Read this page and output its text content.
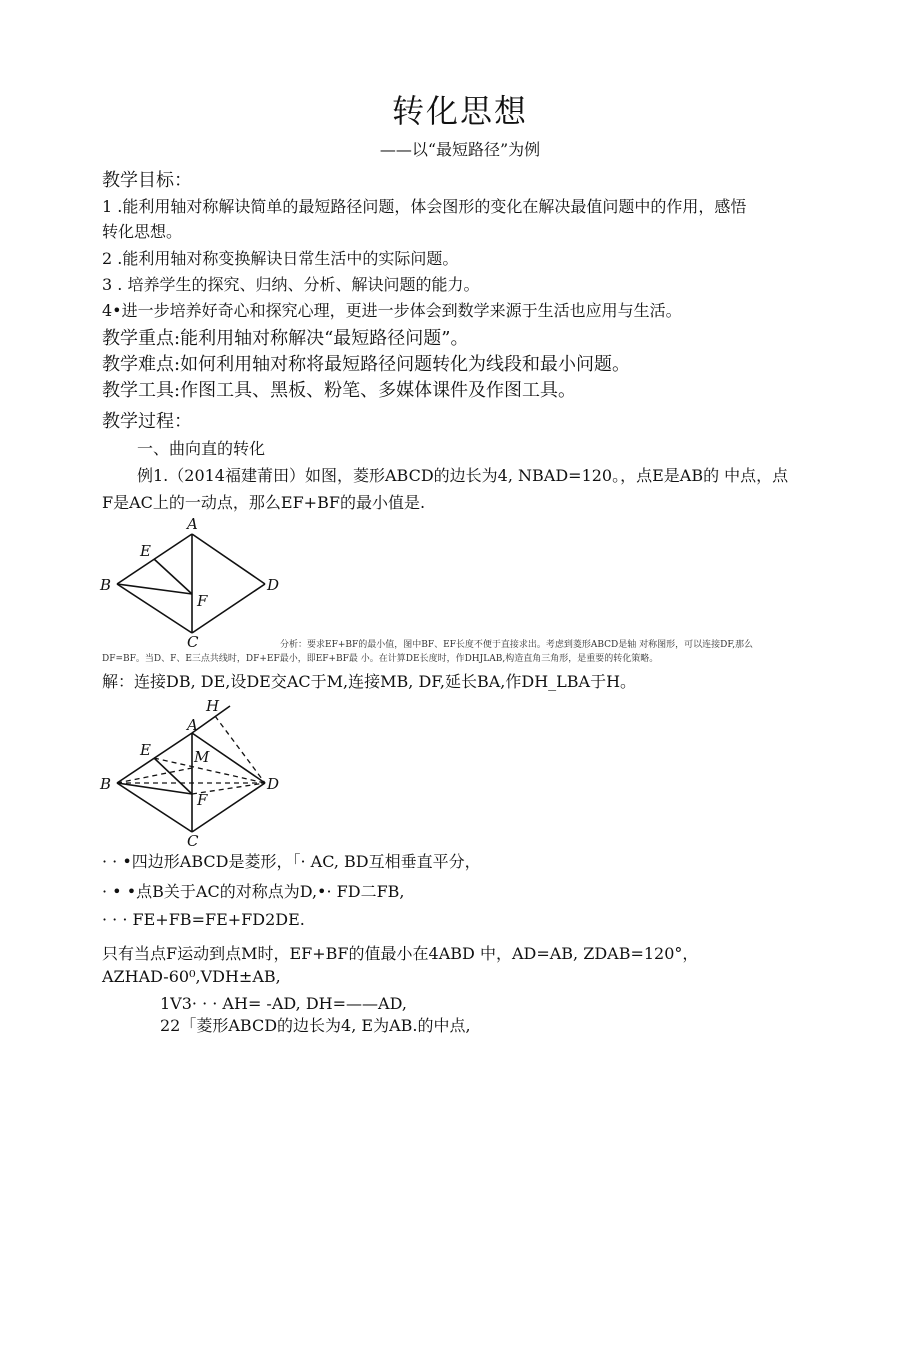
转化思想
——以“最短路径”为例
教学目标：
1 .能利用轴对称解诀简单的最短路径问题，体会图形的变化在解决最值问题中的作用，感悟
转化思想。
2 .能利用轴对称变换解诀日常生活中的实际问题。
3 . 培养学生的探究、归纳、分析、解诀问题的能力。
4•进一步培养好奇心和探究心理，更进一步体会到数学来源于生活也应用与生活。
教学重点:能利用轴对称解决“最短路径问题”。
教学难点:如何利用轴对称将最短路径问题转化为线段和最小问题。
教学工具:作图工具、黑板、粉笔、多媒体课件及作图工具。
教学过程：
一、曲向直的转化
例1.（2014福建莆田）如图，菱形ABCD的边长为4, NBAD=120。，点E是AB的 中点，点
F是AC上的一动点，那么EF+BF的最小值是.
A
B
C
D
E
F
分析：要求EF+BF的最小值，图中BF、EF长度不便于直接求出。考虑到菱形ABCD是轴 对称图形，可以连接DF,那么
DF=BF。当D、F、E三点共线时，DF+EF最小，即EF+BF最 小。在计算DE长度时，作DHJLAB,构造直角三角形，是重要的转化策略。
解：连接DB, DE,设DE交AC于M,连接MB, DF,延长BA,作DH_LBA于H。
A
B
C
D
E
F
H
M
· · •四边形ABCD是菱形，「· AC, BD互相垂直平分，
· • •点B关于AC的对称点为D,•· FD二FB,
· · · FE+FB=FE+FD2DE.
只有当点F运动到点M时，EF+BF的值最小在4ABD 中，AD=AB, ZDAB=120°，
AZHAD-60⁰,VDH±AB,
1V3· · · AH= -AD, DH=——AD,
22「菱形ABCD的边长为4, E为AB.的中点,
